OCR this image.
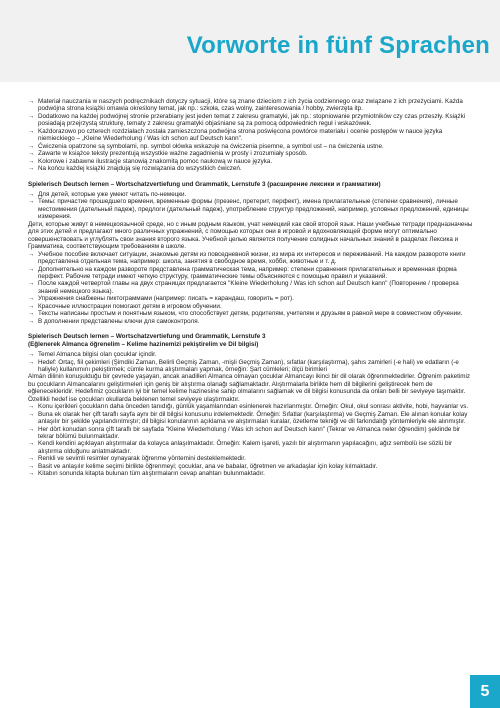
Vorworte in fünf Sprachen
→ Materiał nauczania w naszych podręcznikach dotyczy sytuacji, które są znane dzieciom z ich życia codziennego oraz związane z ich przeżyciami. Każda podwójna strona książki omawia określony temat, jak np.: szkoła, czas wolny, zainteresowania / hobby, zwierzęta itp.
→ Dodatkowo na każdej podwójnej stronie przerabiany jest jeden temat z zakresu gramatyki, jak np.: stopniowanie przymiotników czy czas przeszły. Książki posiadają przejrzystą strukturę, tematy z zakresu gramatyki objaśniane są za pomocą odpowiednich reguł i wskazówek.
→ Każdorazowo po czterech rozdziałach została zamieszczona podwójna strona poświęcona powtórce materiału i ocenie postępów w nauce języka niemieckiego – „Kleine Wiederholung / Was ich schon auf Deutsch kann".
→ Ćwiczenia opatrzone są symbolami, np. symbol ołówka wskazuje na ćwiczenia pisemne, a symbol ust – na ćwiczenia ustne.
→ Zawarte w książce teksty prezentują wszystkie ważne zagadnienia w prosty i zrozumiały sposób.
→ Kolorowe i zabawne ilustracje stanowią znakomitą pomoc naukową w nauce języka.
→ Na końcu każdej książki znajdują się rozwiązania do wszystkich ćwiczeń.

Spielerisch Deutsch lernen – Wortschatzvertiefung und Grammatik, Lernstufe 3 (расширение лексики и грамматики)

→ Для детей, которые уже умеют читать по-немецки.
→ Темы: причастие прошедшего времени, временные формы (презенс, претерит, перфект), имена прилагательные (степени сравнения), личные местоимения (дательный падеж), предлоги (дательный падеж), употребление структур предложений, например, условных предложений, единицы измерения.

Дети, которые живут в немецкоязычной среде, но с иным родным языком, учат немецкий как свой второй язык. Наши учебные тетради предназначены для этих детей и предлагают много различных упражнений, с помощью которых они в игровой и вдохновляющей форме могут оптимально совершенствовать и углублять свои знания второго языка. Учебной целью является получение солидных начальных знаний в разделах Лексика и Грамматика, соответствующим требованиям в школе.

→ Учебное пособие включает ситуации, знакомые детям из повседневной жизни, из мира их интересов и переживаний. На каждом развороте книги представлена отдельная тема, например: школа, занятия в свободное время, хобби, животные и т. д.
→ Дополнительно на каждом развороте представлена грамматическая тема, например: степени сравнения прилагательных и временная форма перфект. Рабочие тетради имеют четкую структуру, грамматические темы объясняются с помощью правил и указаний.
→ После каждой четвертой главы на двух страницах предлагается "Kleine Wiederholung / Was ich schon auf Deutsch kann" (Повторение / проверка знаний немецкого языка).
→ Упражнения снабжены пиктограммами (например: писать = карандаш, говорить = рот).
→ Красочные иллюстрации помогают детям в игровом обучении.
→ Тексты написаны простым и понятным языком, что способствует детям, родителям, учителям и друзьям в равной мере в совместном обучении.
→ В дополнении представлены ключи для самоконтроля.

Spielerisch Deutsch lernen – Wortschatzvertiefung und Grammatik, Lernstufe 3

(Eğlenerek Almanca öğrenelim – Kelime hazinemizi pekiştirelim ve Dil bilgisi)

→ Temel Almanca bilgisi olan çocuklar içindir.
→ Hedef: Ortaç, fiil çekimleri (Şimdiki Zaman, Belirli Geçmiş Zaman, -mişli Geçmiş Zaman), sıfatlar (karşılaştırma), şahıs zamirleri (-e hali) ve edatların (-e haliyle) kullanımını pekiştirmek; cümle kurma alıştırmaları yapmak, örneğin: Şart cümleleri; ölçü birimleri

Almán dilinin konuşulduğu bir çevrede yaşayan, ancak anadilleri Almanca olmayan çocuklar Almancayı ikinci bir dil olarak öğrenmektedirler. Öğrenim paketimiz bu çocukların Almancalarını geliştirmeleri için geniş bir alıştırma olanağı sağlamaktadır. Alıştırmalarla birlikte hem dil bilgilerini geliştirecek hem de eğlenecekleridir. Hedefimiz çocukların iyi bir temel kelime hazinesine sahip olmalarını sağlamak ve dil bilgisi konusunda da onları belli bir seviyeye taşımaktır. Özellikli hedef ise çocukları okullarda beklenen temel seviyeye ulaştırmaktır.

→ Konu içerikleri çocukların daha önceden tanıdığı, günlük yaşamlarından esinlenerek hazırlanmıştır. Örneğin: Okul, okul sonrası aktivite, hobi, hayvanlar vs.
→ Buna ek olarak her çift taraflı sayfa aynı bir dil bilgisi konusunu irdelemektedir. Örneğin: Sıfatlar (karşılaştırma) ve Geçmiş Zaman. Ele alınan konular kolay anlaşılır bir şekilde yapılandırılmıştır; dil bilgisi konularının açıklama ve alıştırmaları kuralar, özetleme tekniği ve dil farkındalığı yöntemleriyle ele alınmıştır.
→ Her dört konudan sonra çift taraflı bir sayfada "Kleine Wiederholung / Was ich schon auf Deutsch kann" (Tekrar ve Almanca neler öğrendim) şeklinde bir tekrar bölümü bulunmaktadır.
→ Kendi kendini açıklayan alıştırmalar da kolayca anlaşılmaktadır. Örneğin: Kalem işareti, yazılı bir alıştırmanın yapılacağını, ağız sembolü ise sözlü bir alıştırma olduğunu anlatmaktadır.
→ Renkli ve sevimli resimler oynayarak öğrenme yöntemini desteklemektedir.
→ Basit ve anlaşılır kelime seçimi birlikte öğrenmeyi; çocuklar, ana ve babalar, öğretmen ve arkadaşlar için kolay kılmaktadır.
→ Kitabın sonunda kitapta bulunan tüm alıştırmaların cevap anahtarı bulunmaktadır.
5
